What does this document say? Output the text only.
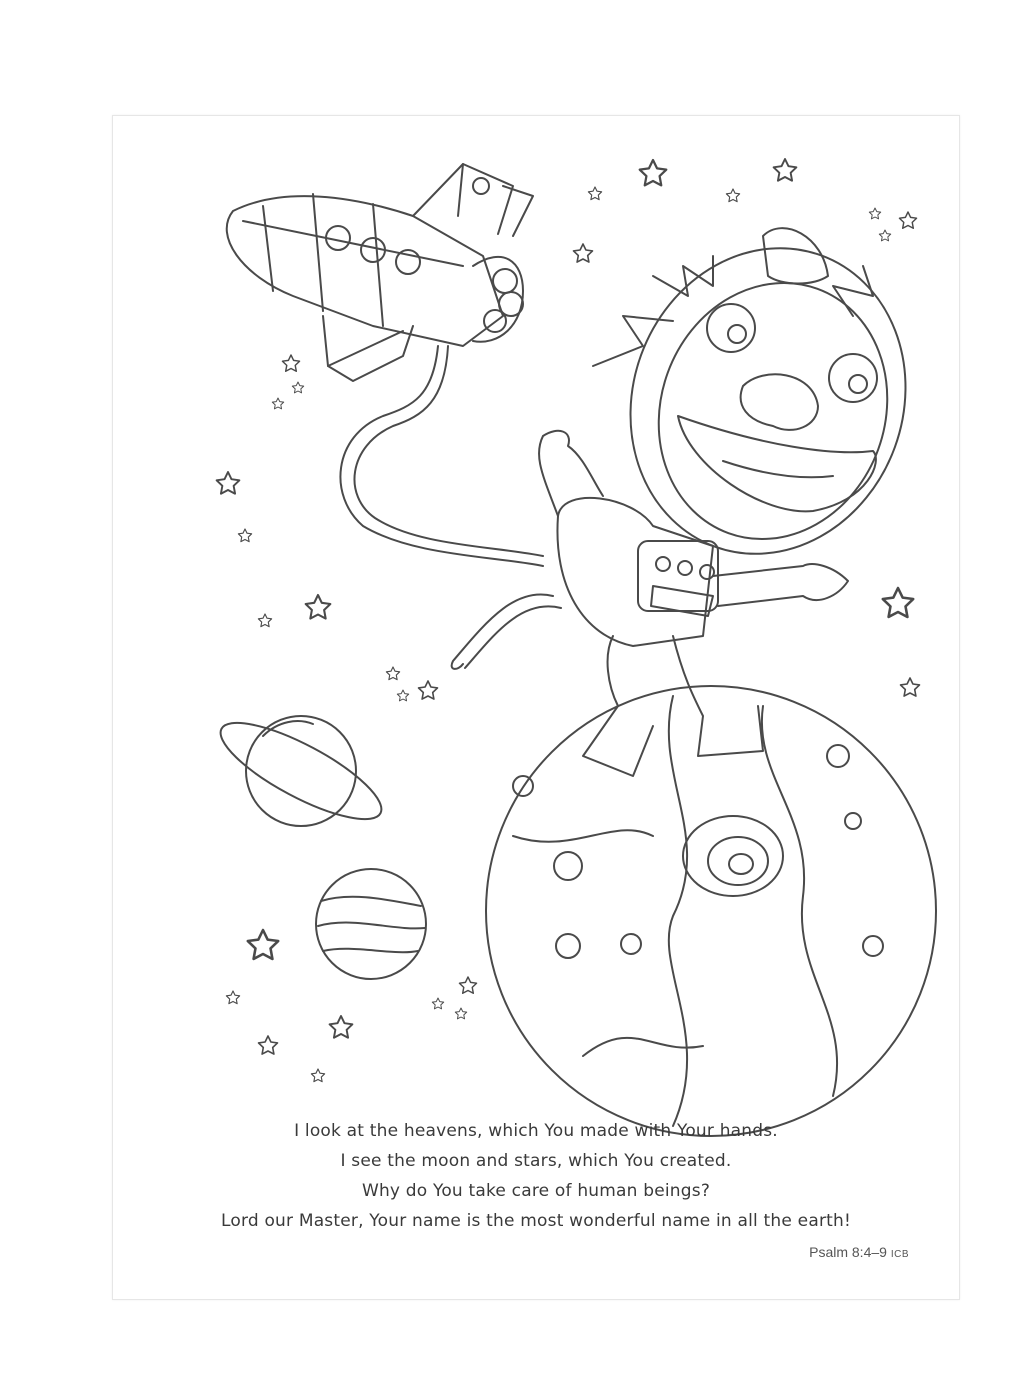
I look at the heavens, which You made with Your hands.
I see the moon and stars, which You created.
Why do You take care of human beings?
Lord our Master, Your name is the most wonderful name in all the earth!
Psalm 8:4–9 ICB
